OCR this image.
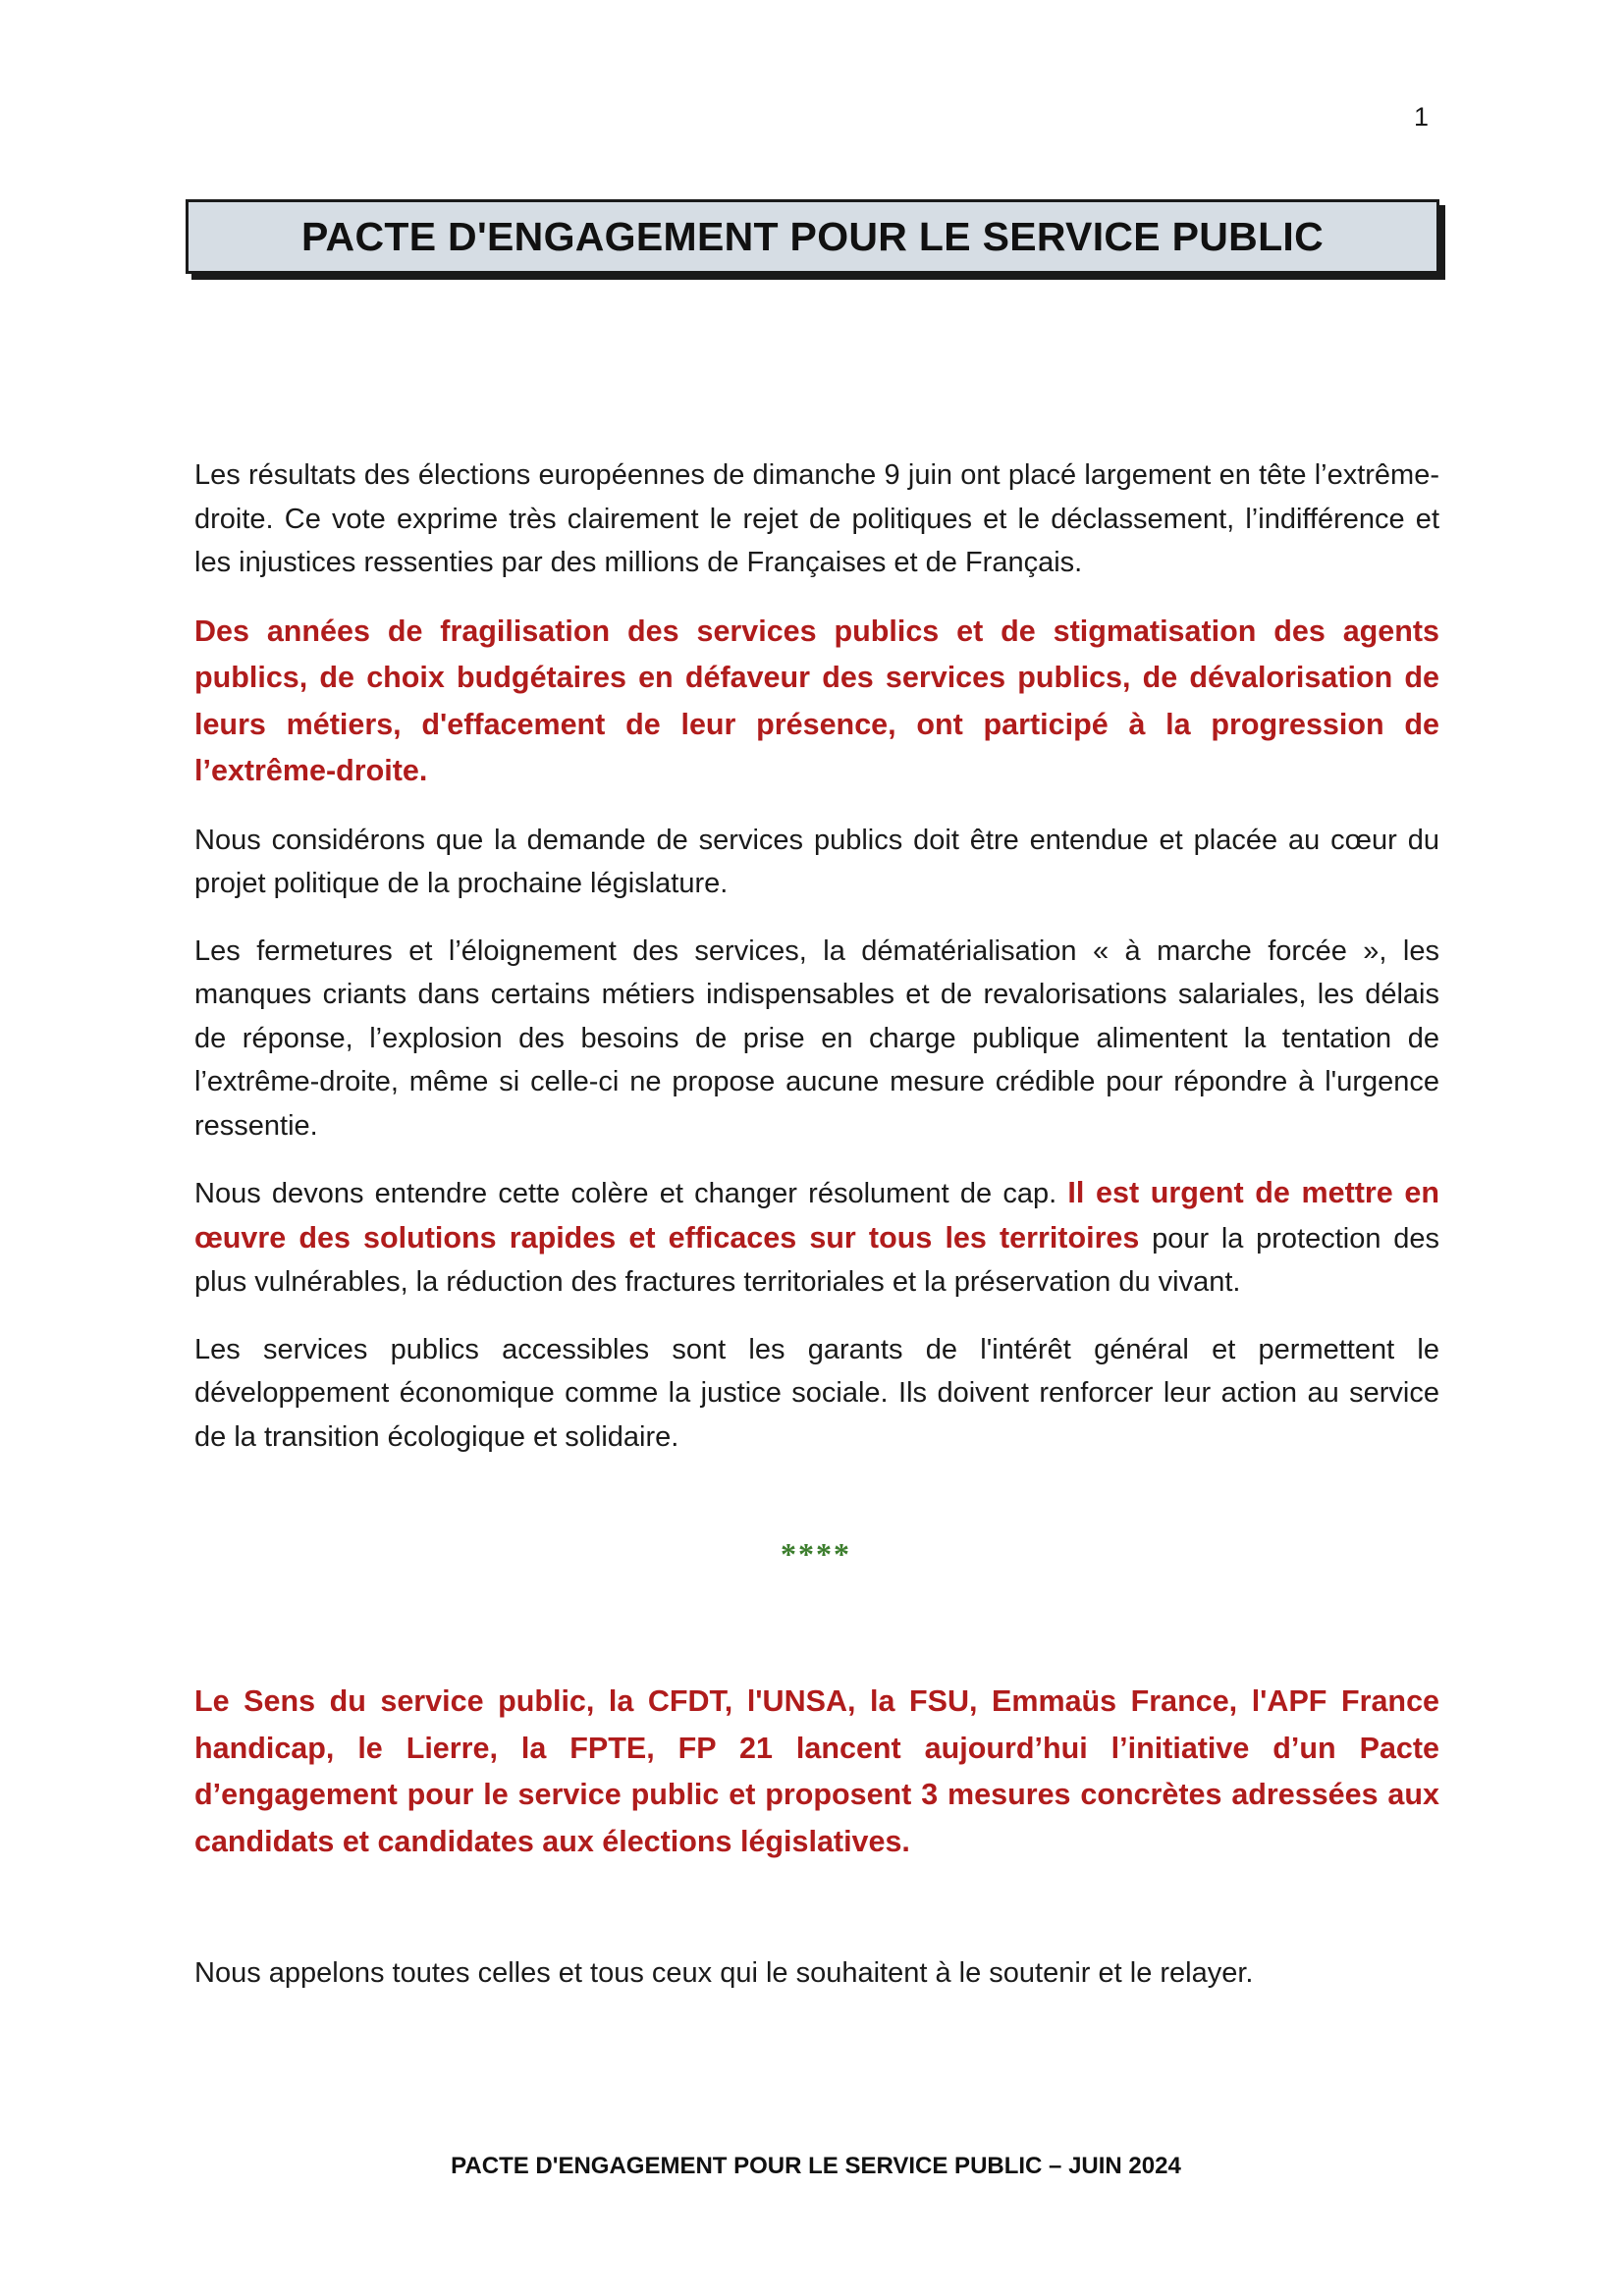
1
PACTE D'ENGAGEMENT POUR LE SERVICE PUBLIC

Les résultats des élections européennes de dimanche 9 juin ont placé largement en tête l’extrême-droite. Ce vote exprime très clairement le rejet de politiques et le déclassement, l’indifférence et les injustices ressenties par des millions de Françaises et de Français.

Des années de fragilisation des services publics et de stigmatisation des agents publics, de choix budgétaires en défaveur des services publics, de dévalorisation de leurs métiers, d'effacement de leur présence, ont participé à la progression de l’extrême-droite.

Nous considérons que la demande de services publics doit être entendue et placée au cœur du projet politique de la prochaine législature.

Les fermetures et l’éloignement des services, la dématérialisation « à marche forcée », les manques criants dans certains métiers indispensables et de revalorisations salariales, les délais de réponse, l’explosion des besoins de prise en charge publique alimentent la tentation de l’extrême-droite, même si celle-ci ne propose aucune mesure crédible pour répondre à l'urgence ressentie.

Nous devons entendre cette colère et changer résolument de cap. Il est urgent de mettre en œuvre des solutions rapides et efficaces sur tous les territoires pour la protection des plus vulnérables, la réduction des fractures territoriales et la préservation du vivant.

Les services publics accessibles sont les garants de l'intérêt général et permettent le développement économique comme la justice sociale. Ils doivent renforcer leur action au service de la transition écologique et solidaire.

****

Le Sens du service public, la CFDT, l'UNSA, la FSU, Emmaüs France, l'APF France handicap, le Lierre, la FPTE, FP 21 lancent aujourd’hui l’initiative d’un Pacte d’engagement pour le service public et proposent 3 mesures concrètes adressées aux candidats et candidates aux élections législatives.

Nous appelons toutes celles et tous ceux qui le souhaitent à le soutenir et le relayer.

PACTE D'ENGAGEMENT POUR LE SERVICE PUBLIC – JUIN 2024
